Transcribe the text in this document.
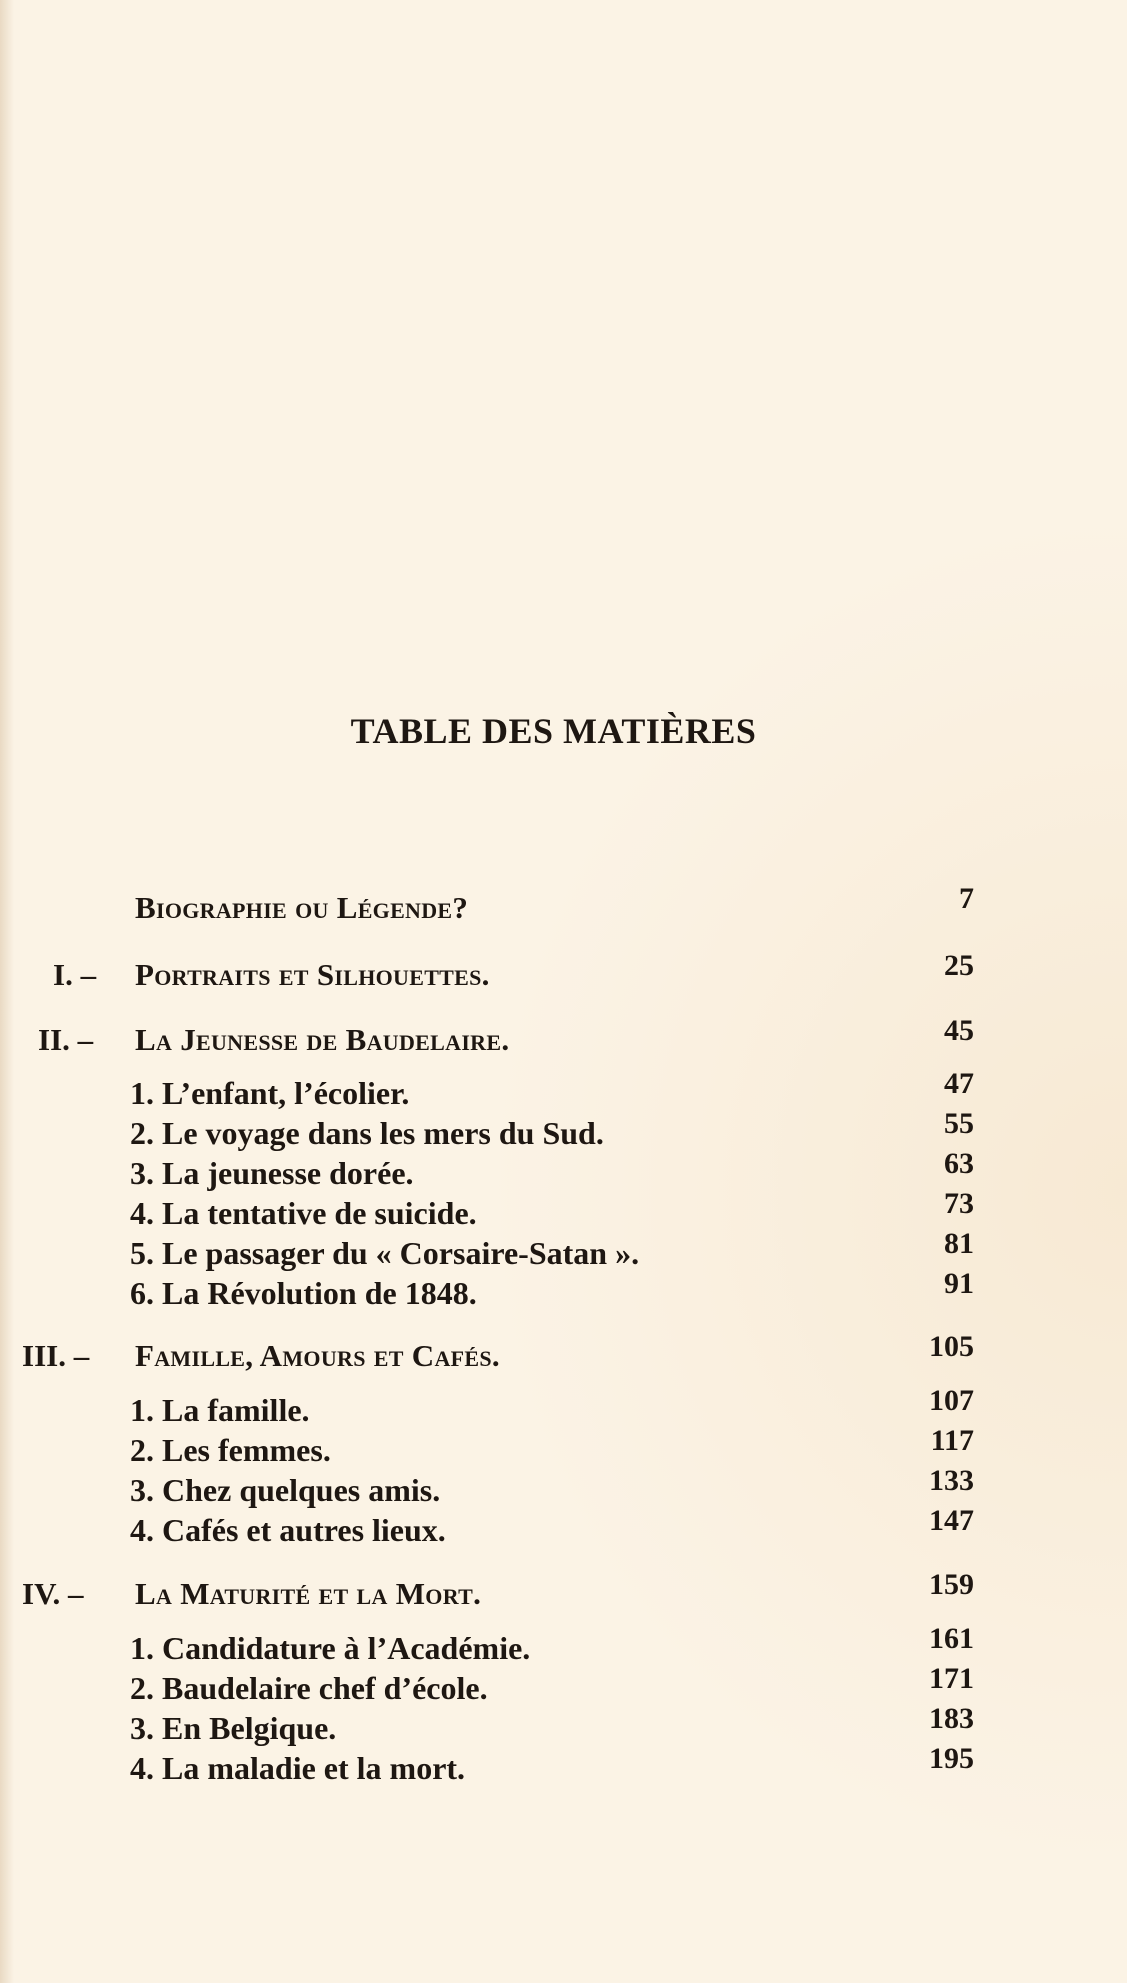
TABLE DES MATIÈRES
Biographie ou Légende?	7
I. – Portraits et Silhouettes.	25
II. – La Jeunesse de Baudelaire.	45
1. L’enfant, l’écolier.	47
2. Le voyage dans les mers du Sud.	55
3. La jeunesse dorée.	63
4. La tentative de suicide.	73
5. Le passager du « Corsaire-Satan ».	81
6. La Révolution de 1848.	91
III. – Famille, Amours et Cafés.	105
1. La famille.	107
2. Les femmes.	117
3. Chez quelques amis.	133
4. Cafés et autres lieux.	147
IV. – La Maturité et la Mort.	159
1. Candidature à l’Académie.	161
2. Baudelaire chef d’école.	171
3. En Belgique.	183
4. La maladie et la mort.	195
